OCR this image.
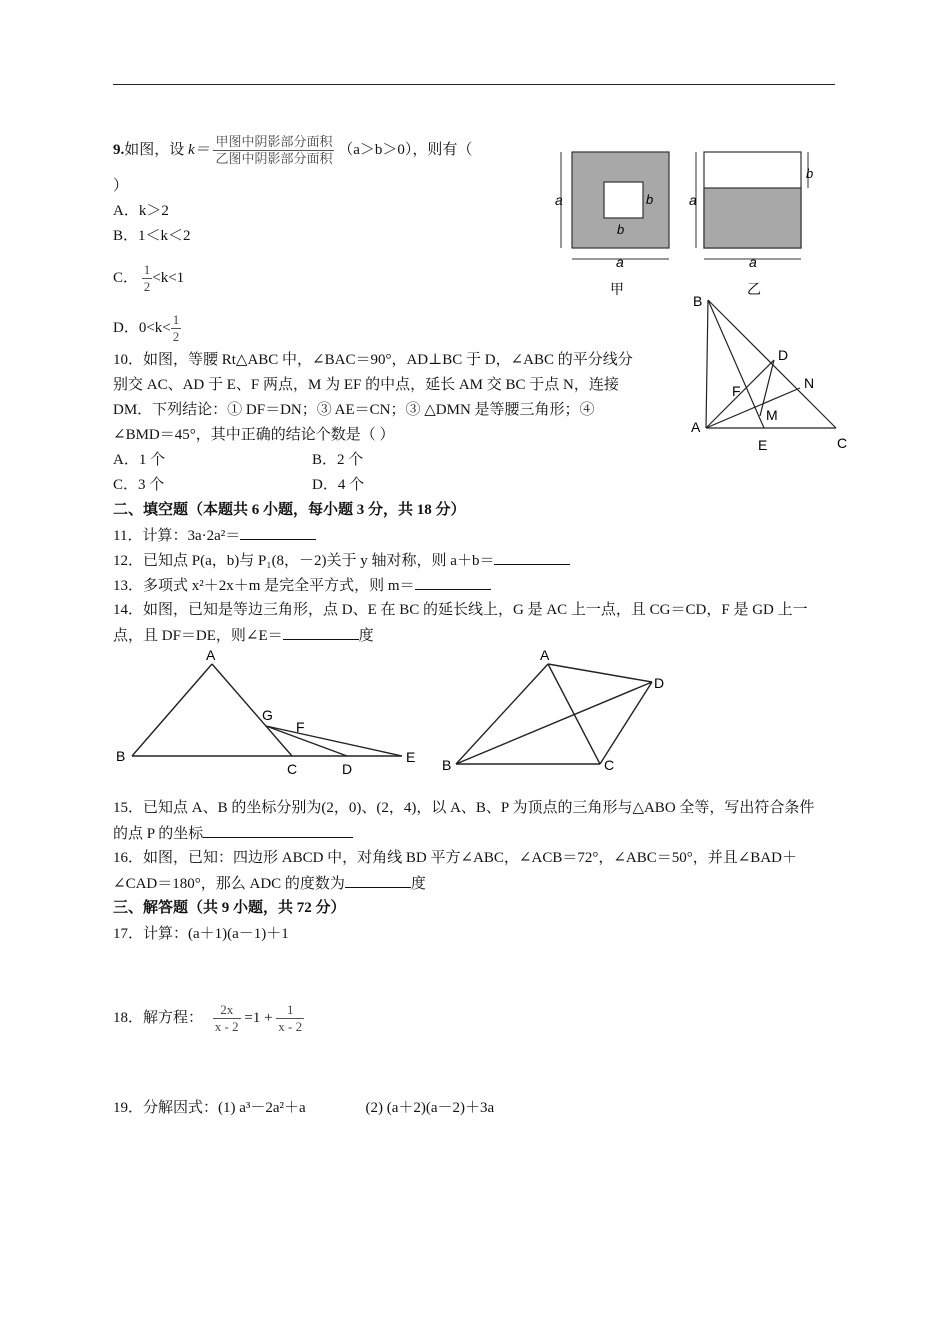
9.如图，设 $k= \frac{\text{甲图中阴影部分面积}}{\text{乙图中阴影部分面积}} (a>b>0)$，则有（
）
A．k＞2
B．1＜k＜2
C． $\frac{1}{2} <k<1$
D．$0<k< \frac{1}{2}$
a
a
b
b
甲
a
a
b
乙
10．如图，等腰 Rt△ABC 中，∠BAC＝90°，AD⊥BC 于 D，∠ABC 的平分线分
别交 AC、AD 于 E、F 两点，M 为 EF 的中点，延长 AM 交 BC 于点 N，连接
DM．下列结论：① DF＝DN；③ AE＝CN；③ △DMN 是等腰三角形；④
∠BMD＝45°，其中正确的结论个数是（ ）
A．1 个	B．2 个
C．3 个	D．4 个
B
D
N
F
M
A
E	C
二、填空题（本题共 6 小题，每小题 3 分，共 18 分）
11．计算：3a·2a²＝
12．已知点 P(a，b)与 P₁(8，－2)关于 y 轴对称，则 a＋b＝
13．多项式 x²＋2x＋m 是完全平方式，则 m＝
14．如图，已知是等边三角形，点 D、E 在 BC 的延长线上，G 是 AC 上一点，且 CG＝CD，F 是 GD 上一
点，且 DF＝DE，则∠E＝	度
A
G
F
B
C	D
E
A
D
B	C
15．已知点 A、B 的坐标分别为(2，0)、(2，4)，以 A、B、P 为顶点的三角形与△ABO 全等，写出符合条件
的点 P 的坐标
16．如图，已知：四边形 ABCD 中，对角线 BD 平方∠ABC，∠ACB＝72°，∠ABC＝50°，并且∠BAD＋
∠CAD＝180°，那么 ADC 的度数为	度
三、解答题（共 9 小题，共 72 分）
17．计算：(a＋1)(a－1)＋1
18．解方程： $\frac{2x}{x - 2} =1 + \frac{1}{x - 2}$
19．分解因式：(1) a³－2a²＋a	(2) (a＋2)(a－2)＋3a
